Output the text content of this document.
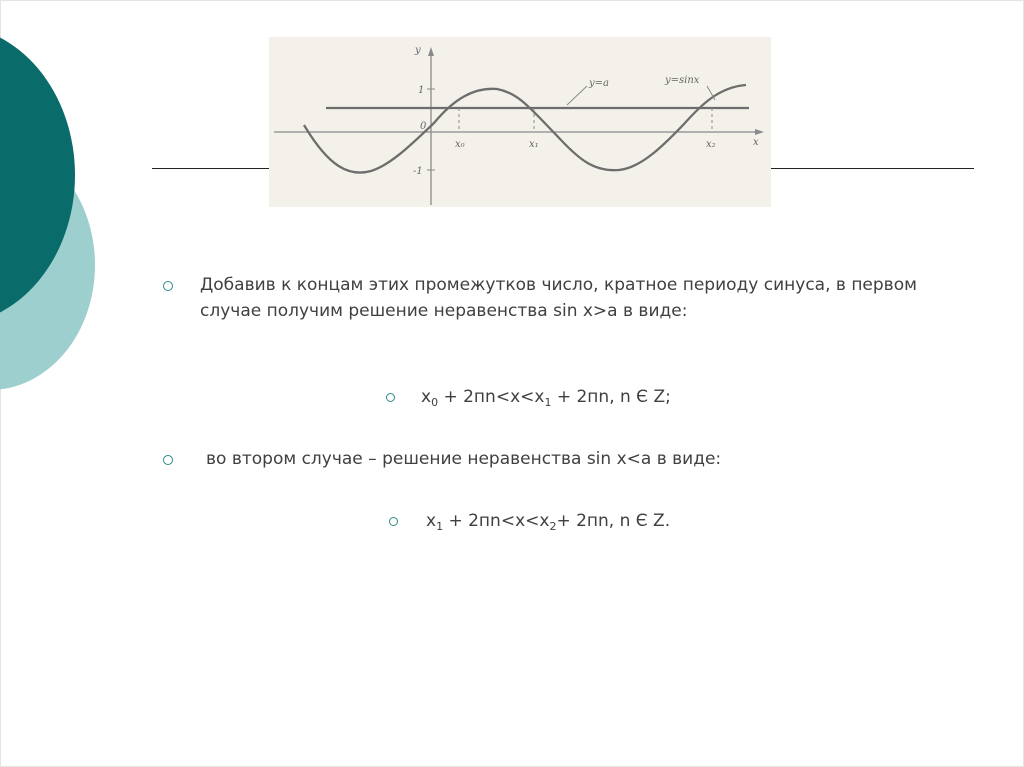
y
x
1
0
-1
y=a	y=sinx
x₀	x₁	x₂
Добавив к концам этих промежутков число, кратное периоду синуса, в первом случае получим решение неравенства sin x>a в виде:
$x_0 + 2пn<x<x_1 + 2пn$, n Є Z;
во втором случае – решение неравенства sin x<a в виде:
$x_1 + 2пn<x<x_2+ 2пn$, n Є Z.
